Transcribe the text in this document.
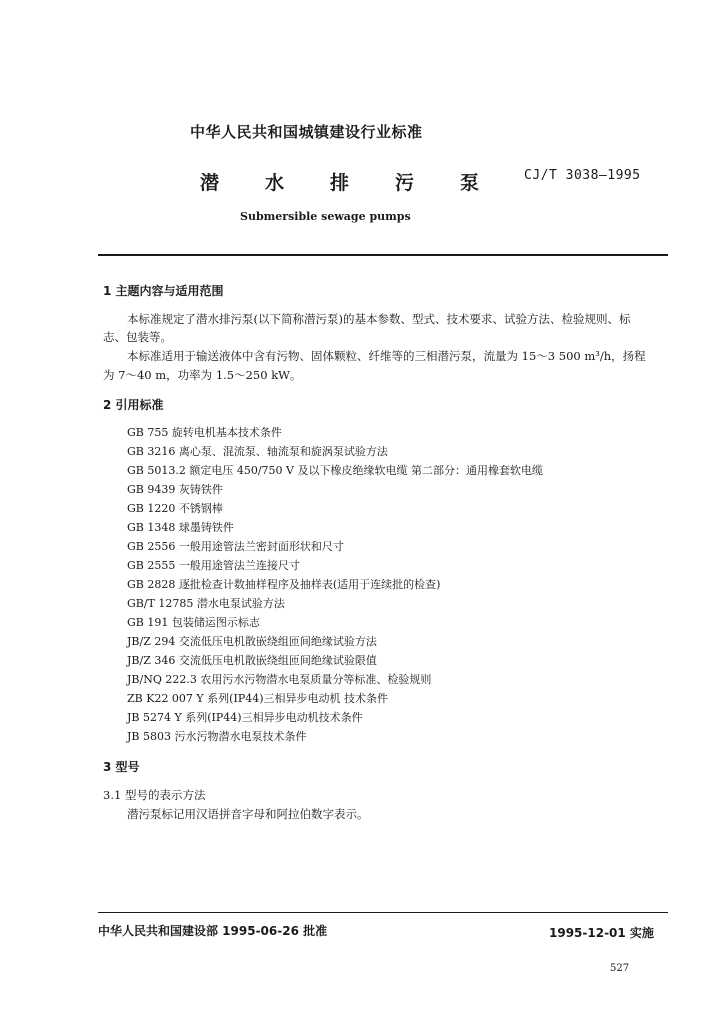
中华人民共和国城镇建设行业标准
潜水排污泵
CJ/T 3038—1995
Submersible sewage pumps
1 主题内容与适用范围
本标准规定了潜水排污泵(以下简称潜污泵)的基本参数、型式、技术要求、试验方法、检验规则、标
志、包装等。
本标准适用于输送液体中含有污物、固体颗粒、纤维等的三相潜污泵，流量为 15～3 500 m³/h，扬程
为 7～40 m，功率为 1.5～250 kW。
2 引用标准
GB 755 旋转电机基本技术条件
GB 3216 离心泵、混流泵、轴流泵和旋涡泵试验方法
GB 5013.2 额定电压 450/750 V 及以下橡皮绝缘软电缆 第二部分：通用橡套软电缆
GB 9439 灰铸铁件
GB 1220 不锈钢棒
GB 1348 球墨铸铁件
GB 2556 一般用途管法兰密封面形状和尺寸
GB 2555 一般用途管法兰连接尺寸
GB 2828 逐批检查计数抽样程序及抽样表(适用于连续批的检查)
GB/T 12785 潜水电泵试验方法
GB 191 包装储运图示标志
JB/Z 294 交流低压电机散嵌绕组匝间绝缘试验方法
JB/Z 346 交流低压电机散嵌绕组匝间绝缘试验限值
JB/NQ 222.3 农用污水污物潜水电泵质量分等标准、检验规则
ZB K22 007 Y 系列(IP44)三相异步电动机 技术条件
JB 5274 Y 系列(IP44)三相异步电动机技术条件
JB 5803 污水污物潜水电泵技术条件
3 型号
3.1 型号的表示方法
潜污泵标记用汉语拼音字母和阿拉伯数字表示。
中华人民共和国建设部 1995-06-26 批准	1995-12-01 实施
527
